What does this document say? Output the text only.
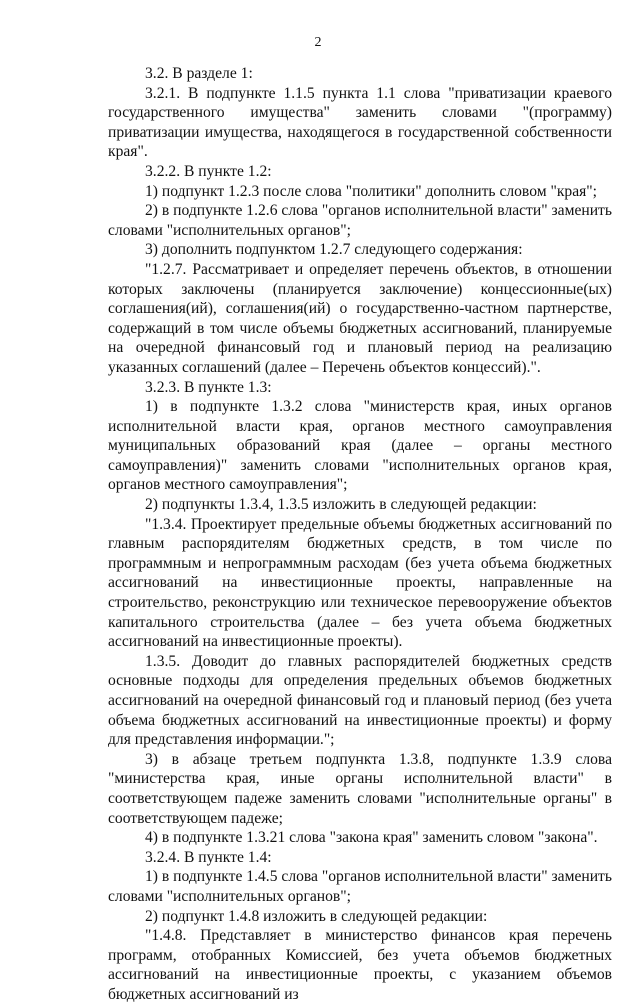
2

3.2. В разделе 1:

3.2.1. В подпункте 1.1.5 пункта 1.1 слова "приватизации краевого государственного имущества" заменить словами "(программу) приватизации имущества, находящегося в государственной собственности края".

3.2.2. В пункте 1.2:

1) подпункт 1.2.3 после слова "политики" дополнить словом "края";

2) в подпункте 1.2.6 слова "органов исполнительной власти" заменить словами "исполнительных органов";

3) дополнить подпунктом 1.2.7 следующего содержания:

"1.2.7. Рассматривает и определяет перечень объектов, в отношении которых заключены (планируется заключение) концессионные(ых) соглашения(ий), соглашения(ий) о государственно-частном партнерстве, содержащий в том числе объемы бюджетных ассигнований, планируемые на очередной финансовый год и плановый период на реализацию указанных соглашений (далее – Перечень объектов концессий).".

3.2.3. В пункте 1.3:

1) в подпункте 1.3.2 слова "министерств края, иных органов исполнительной власти края, органов местного самоуправления муниципальных образований края (далее – органы местного самоуправления)" заменить словами "исполнительных органов края, органов местного самоуправления";

2) подпункты 1.3.4, 1.3.5 изложить в следующей редакции:

"1.3.4. Проектирует предельные объемы бюджетных ассигнований по главным распорядителям бюджетных средств, в том числе по программным и непрограммным расходам (без учета объема бюджетных ассигнований на инвестиционные проекты, направленные на строительство, реконструкцию или техническое перевооружение объектов капитального строительства (далее – без учета объема бюджетных ассигнований на инвестиционные проекты).

1.3.5. Доводит до главных распорядителей бюджетных средств основные подходы для определения предельных объемов бюджетных ассигнований на очередной финансовый год и плановый период (без учета объема бюджетных ассигнований на инвестиционные проекты) и форму для представления информации.";

3) в абзаце третьем подпункта 1.3.8, подпункте 1.3.9 слова "министерства края, иные органы исполнительной власти" в соответствующем падеже заменить словами "исполнительные органы" в соответствующем падеже;

4) в подпункте 1.3.21 слова "закона края" заменить словом "закона".

3.2.4. В пункте 1.4:

1) в подпункте 1.4.5 слова "органов исполнительной власти" заменить словами "исполнительных органов";

2) подпункт 1.4.8 изложить в следующей редакции:

"1.4.8. Представляет в министерство финансов края перечень программ, отобранных Комиссией, без учета объемов бюджетных ассигнований на инвестиционные проекты, с указанием объемов бюджетных ассигнований из
